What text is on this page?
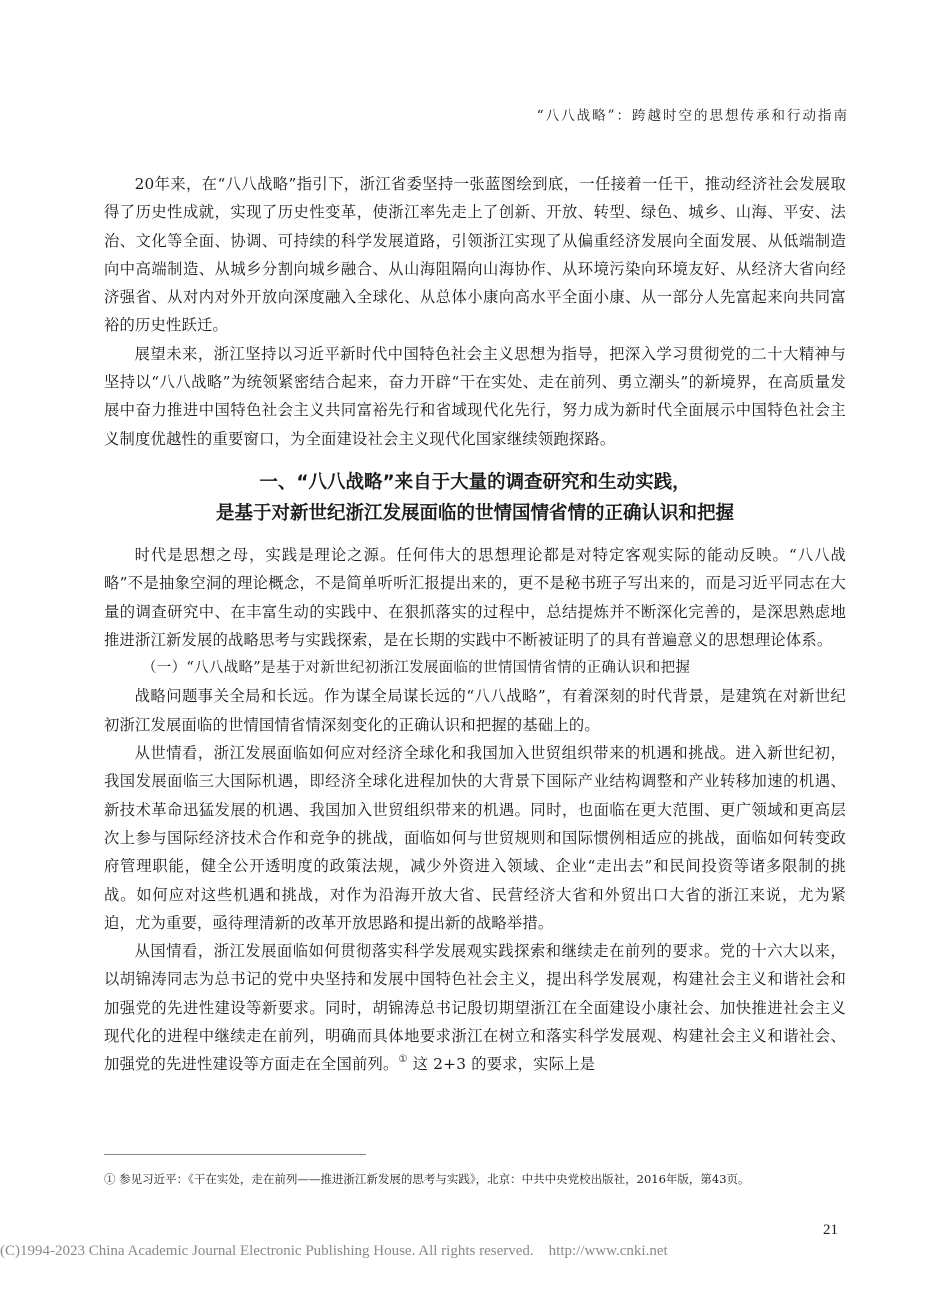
“八八战略”：跨越时空的思想传承和行动指南

20年来，在“八八战略”指引下，浙江省委坚持一张蓝图绘到底，一任接着一任干，推动经济社会发展取得了历史性成就，实现了历史性变革，使浙江率先走上了创新、开放、转型、绿色、城乡、山海、平安、法治、文化等全面、协调、可持续的科学发展道路，引领浙江实现了从偏重经济发展向全面发展、从低端制造向中高端制造、从城乡分割向城乡融合、从山海阻隔向山海协作、从环境污染向环境友好、从经济大省向经济强省、从对内对外开放向深度融入全球化、从总体小康向高水平全面小康、从一部分人先富起来向共同富裕的历史性跃迁。

展望未来，浙江坚持以习近平新时代中国特色社会主义思想为指导，把深入学习贯彻党的二十大精神与坚持以“八八战略”为统领紧密结合起来，奋力开辟“干在实处、走在前列、勇立潮头”的新境界，在高质量发展中奋力推进中国特色社会主义共同富裕先行和省域现代化先行，努力成为新时代全面展示中国特色社会主义制度优越性的重要窗口，为全面建设社会主义现代化国家继续领跑探路。

一、“八八战略”来自于大量的调查研究和生动实践，
是基于对新世纪浙江发展面临的世情国情省情的正确认识和把握

时代是思想之母，实践是理论之源。任何伟大的思想理论都是对特定客观实际的能动反映。“八八战略”不是抽象空洞的理论概念，不是简单听听汇报提出来的，更不是秘书班子写出来的，而是习近平同志在大量的调查研究中、在丰富生动的实践中、在狠抓落实的过程中，总结提炼并不断深化完善的，是深思熟虑地推进浙江新发展的战略思考与实践探索，是在长期的实践中不断被证明了的具有普遍意义的思想理论体系。

（一）“八八战略”是基于对新世纪初浙江发展面临的世情国情省情的正确认识和把握

战略问题事关全局和长远。作为谋全局谋长远的“八八战略”，有着深刻的时代背景，是建筑在对新世纪初浙江发展面临的世情国情省情深刻变化的正确认识和把握的基础上的。

从世情看，浙江发展面临如何应对经济全球化和我国加入世贸组织带来的机遇和挑战。进入新世纪初，我国发展面临三大国际机遇，即经济全球化进程加快的大背景下国际产业结构调整和产业转移加速的机遇、新技术革命迅猛发展的机遇、我国加入世贸组织带来的机遇。同时，也面临在更大范围、更广领域和更高层次上参与国际经济技术合作和竞争的挑战，面临如何与世贸规则和国际惯例相适应的挑战，面临如何转变政府管理职能，健全公开透明度的政策法规，减少外资进入领域、企业“走出去”和民间投资等诸多限制的挑战。如何应对这些机遇和挑战，对作为沿海开放大省、民营经济大省和外贸出口大省的浙江来说，尤为紧迫，尤为重要，亟待理清新的改革开放思路和提出新的战略举措。

从国情看，浙江发展面临如何贯彻落实科学发展观实践探索和继续走在前列的要求。党的十六大以来，以胡锦涛同志为总书记的党中央坚持和发展中国特色社会主义，提出科学发展观，构建社会主义和谐社会和加强党的先进性建设等新要求。同时，胡锦涛总书记殷切期望浙江在全面建设小康社会、加快推进社会主义现代化的进程中继续走在前列，明确而具体地要求浙江在树立和落实科学发展观、构建社会主义和谐社会、加强党的先进性建设等方面走在全国前列。① 这 2+3 的要求，实际上是

① 参见习近平：《干在实处，走在前列——推进浙江新发展的思考与实践》，北京：中共中央党校出版社，2016年版，第43页。
21
(C)1994-2023 China Academic Journal Electronic Publishing House. All rights reserved. http://www.cnki.net
